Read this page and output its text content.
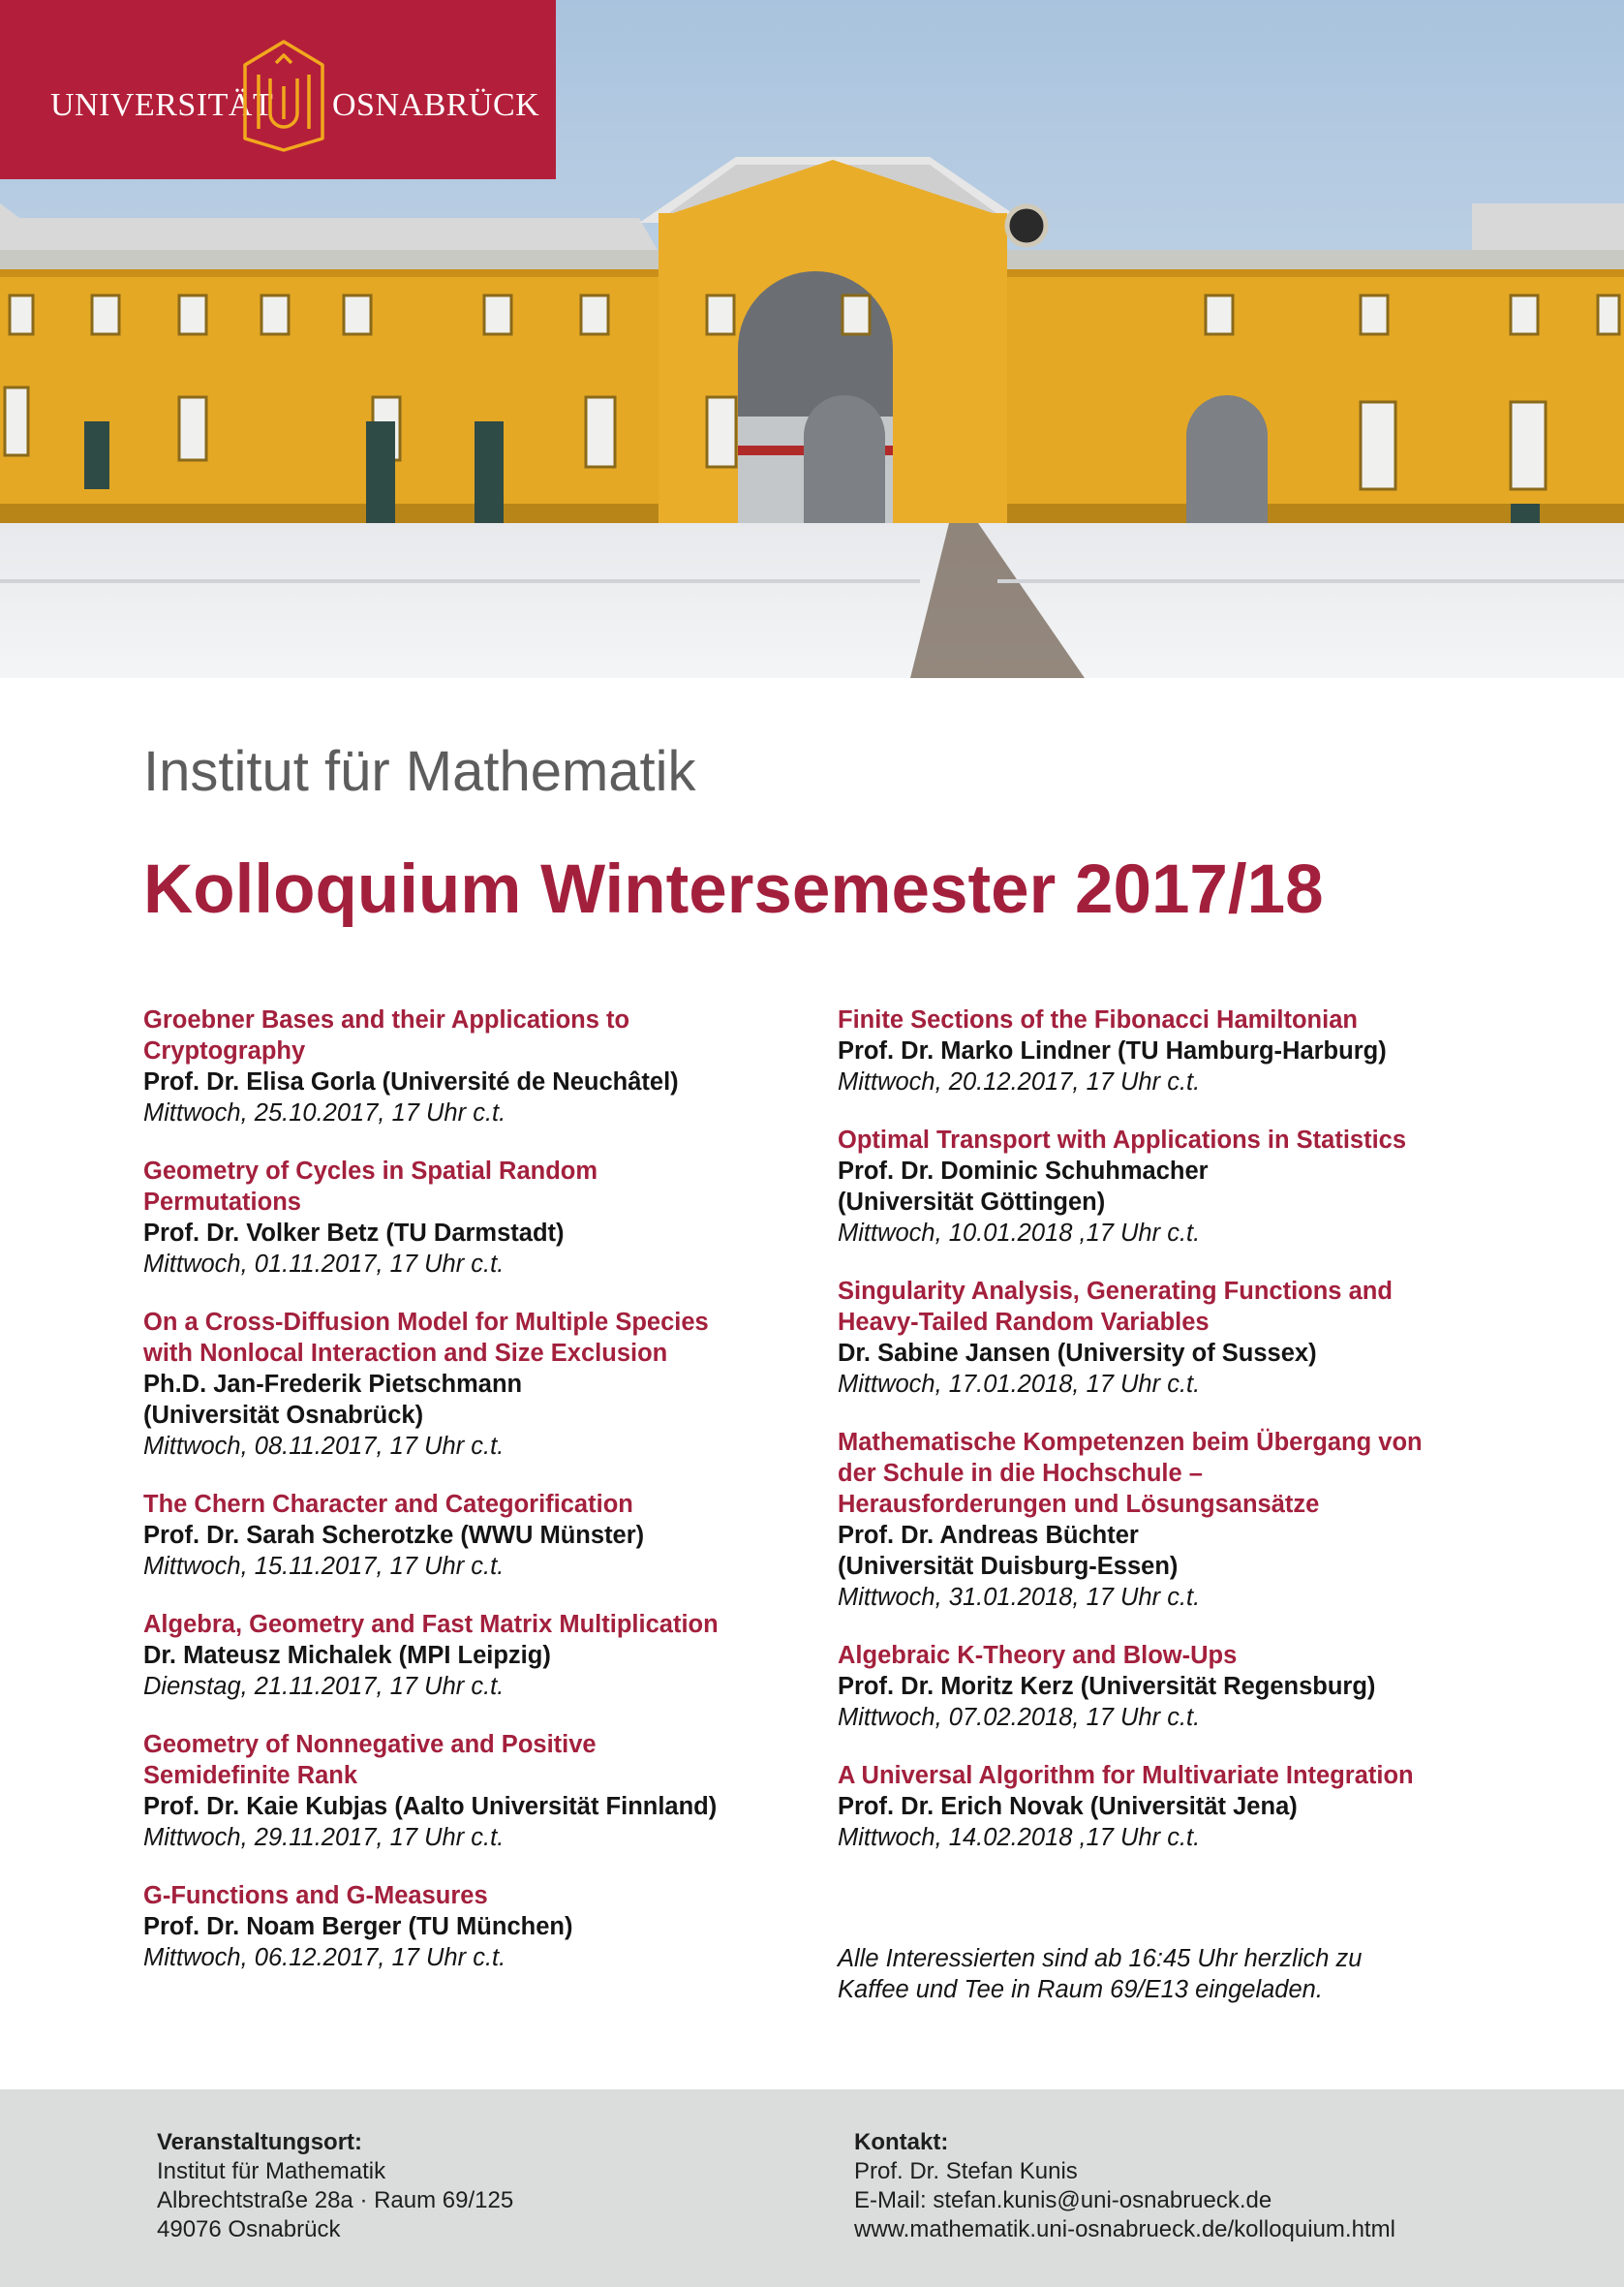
UNIVERSITÄT OSNABRÜCK
Institut für Mathematik
Kolloquium Wintersemester 2017/18
Groebner Bases and their Applications to
Cryptography
Prof. Dr. Elisa Gorla (Université de Neuchâtel)
Mittwoch, 25.10.2017, 17 Uhr c.t.
Geometry of Cycles in Spatial Random
Permutations
Prof. Dr. Volker Betz (TU Darmstadt)
Mittwoch, 01.11.2017, 17 Uhr c.t.
On a Cross-Diffusion Model for Multiple Species
with Nonlocal Interaction and Size Exclusion
Ph.D. Jan-Frederik Pietschmann
(Universität Osnabrück)
Mittwoch, 08.11.2017, 17 Uhr c.t.
The Chern Character and Categorification
Prof. Dr. Sarah Scherotzke (WWU Münster)
Mittwoch, 15.11.2017, 17 Uhr c.t.
Algebra, Geometry and Fast Matrix Multiplication
Dr. Mateusz Michalek (MPI Leipzig)
Dienstag, 21.11.2017, 17 Uhr c.t.
Geometry of Nonnegative and Positive
Semidefinite Rank
Prof. Dr. Kaie Kubjas (Aalto Universität Finnland)
Mittwoch, 29.11.2017, 17 Uhr c.t.
G-Functions and G-Measures
Prof. Dr. Noam Berger (TU München)
Mittwoch, 06.12.2017, 17 Uhr c.t.
Finite Sections of the Fibonacci Hamiltonian
Prof. Dr. Marko Lindner (TU Hamburg-Harburg)
Mittwoch, 20.12.2017, 17 Uhr c.t.
Optimal Transport with Applications in Statistics
Prof. Dr. Dominic Schuhmacher
(Universität Göttingen)
Mittwoch, 10.01.2018 ,17 Uhr c.t.
Singularity Analysis, Generating Functions and
Heavy-Tailed Random Variables
Dr. Sabine Jansen (University of Sussex)
Mittwoch, 17.01.2018, 17 Uhr c.t.
Mathematische Kompetenzen beim Übergang von
der Schule in die Hochschule –
Herausforderungen und Lösungsansätze
Prof. Dr. Andreas Büchter
(Universität Duisburg-Essen)
Mittwoch, 31.01.2018, 17 Uhr c.t.
Algebraic K-Theory and Blow-Ups
Prof. Dr. Moritz Kerz (Universität Regensburg)
Mittwoch, 07.02.2018, 17 Uhr c.t.
A Universal Algorithm for Multivariate Integration
Prof. Dr. Erich Novak (Universität Jena)
Mittwoch, 14.02.2018 ,17 Uhr c.t.
Alle Interessierten sind ab 16:45 Uhr herzlich zu
Kaffee und Tee in Raum 69/E13 eingeladen.
Veranstaltungsort:
Institut für Mathematik
Albrechtstraße 28a · Raum 69/125
49076 Osnabrück
Kontakt:
Prof. Dr. Stefan Kunis
E-Mail: stefan.kunis@uni-osnabrueck.de
www.mathematik.uni-osnabrueck.de/kolloquium.html
